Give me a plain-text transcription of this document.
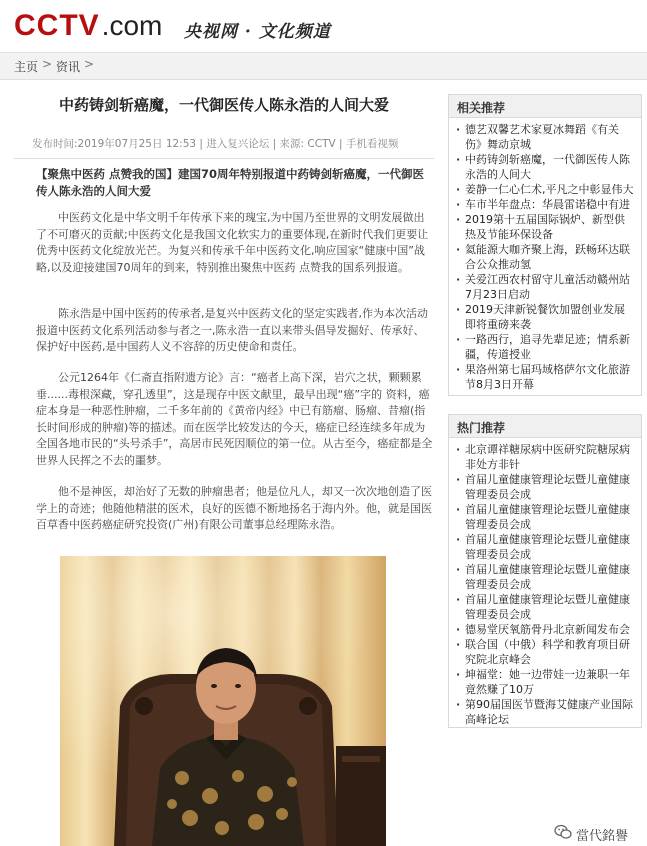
CCTV .com 央视网 · 文化频道
主页 > 资讯 >
中药铸剑斩癌魔，一代御医传人陈永浩的人间大爱
发布时间:2019年07月25日 12:53 | 进入复兴论坛 | 来源: CCTV | 手机看视频
【聚焦中医药 点赞我的国】建国70周年特别报道中药铸剑斩癌魔，一代御医传人陈永浩的人间大爱
中医药文化是中华文明千年传承下来的瑰宝,为中国乃至世界的文明发展做出了不可磨灭的贡献;中医药文化是我国文化软实力的重要体现,在新时代我们更要让优秀中医药文化绽放光芒。为复兴和传承千年中医药文化,响应国家“健康中国”战略,以及迎接建国70周年的到来，特别推出聚焦中医药 点赞我的国系列报道。
陈永浩是中国中医药的传承者,是复兴中医药文化的坚定实践者,作为本次活动报道中医药文化系列活动参与者之一,陈永浩一直以来带头倡导发掘好、传承好、保护好中医药,是中国药人义不容辞的历史使命和责任。
公元1264年《仁斋直指附遗方论》言：“癌者上高下深，岩穴之状，颗颗累垂......毒根深藏，穿孔透里”，这是现存中医文献里，最早出现“癌”字的 资料，癌症本身是一种恶性肿瘤，二千多年前的《黄帝内经》中已有筋瘤、肠瘤、昔瘤(指长时间形成的肿瘤)等的描述。而在医学比较发达的今天，癌症已经连续多年成为全国各地市民的“头号杀手”，高居市民死因顺位的第一位。从古至今，癌症都是全世界人民挥之不去的噩梦。
他不是神医，却治好了无数的肿瘤患者；他是位凡人，却又一次次地创造了医学上的奇迹；他随他精湛的医术，良好的医德不断地扬名于海内外。他，就是国医百草香中医药癌症研究投资(广州)有限公司董事总经理陈永浩。
相关推荐
· 德艺双馨艺术家夏冰舞蹈《有关伤》舞动京城
· 中药铸剑斩癌魔，一代御医传人陈永浩的人间大
· 姜静一仁心仁术,平凡之中彰显伟大
· 车市半年盘点：华晨雷诺稳中有进
· 2019第十五届国际锅炉、新型供热及节能环保设备
· 氦能源大咖齐聚上海，跃畅环达联合公众推动氢
· 关爱江西农村留守儿童活动赣州站7月23日启动
· 2019天津新锐餐饮加盟创业发展即将重磅来袭
· 一路西行，追寻先辈足迹；情系新疆，传道授业
· 果洛州第七届玛域格萨尔文化旅游节8月3日开幕
热门推荐
· 北京谭祥糖尿病中医研究院糖尿病非处方非针
· 首届儿童健康管理论坛暨儿童健康管理委员会成
· 首届儿童健康管理论坛暨儿童健康管理委员会成
· 首届儿童健康管理论坛暨儿童健康管理委员会成
· 首届儿童健康管理论坛暨儿童健康管理委员会成
· 首届儿童健康管理论坛暨儿童健康管理委员会成
· 德易堂厌氧筋骨丹北京新闻发布会
· 联合国（中俄）科学和教育项目研究院北京峰会
· 坤福堂：她一边带娃一边兼职一年竟然赚了10万
· 第90届国医节暨海艾健康产业国际高峰论坛
當代銘譽
